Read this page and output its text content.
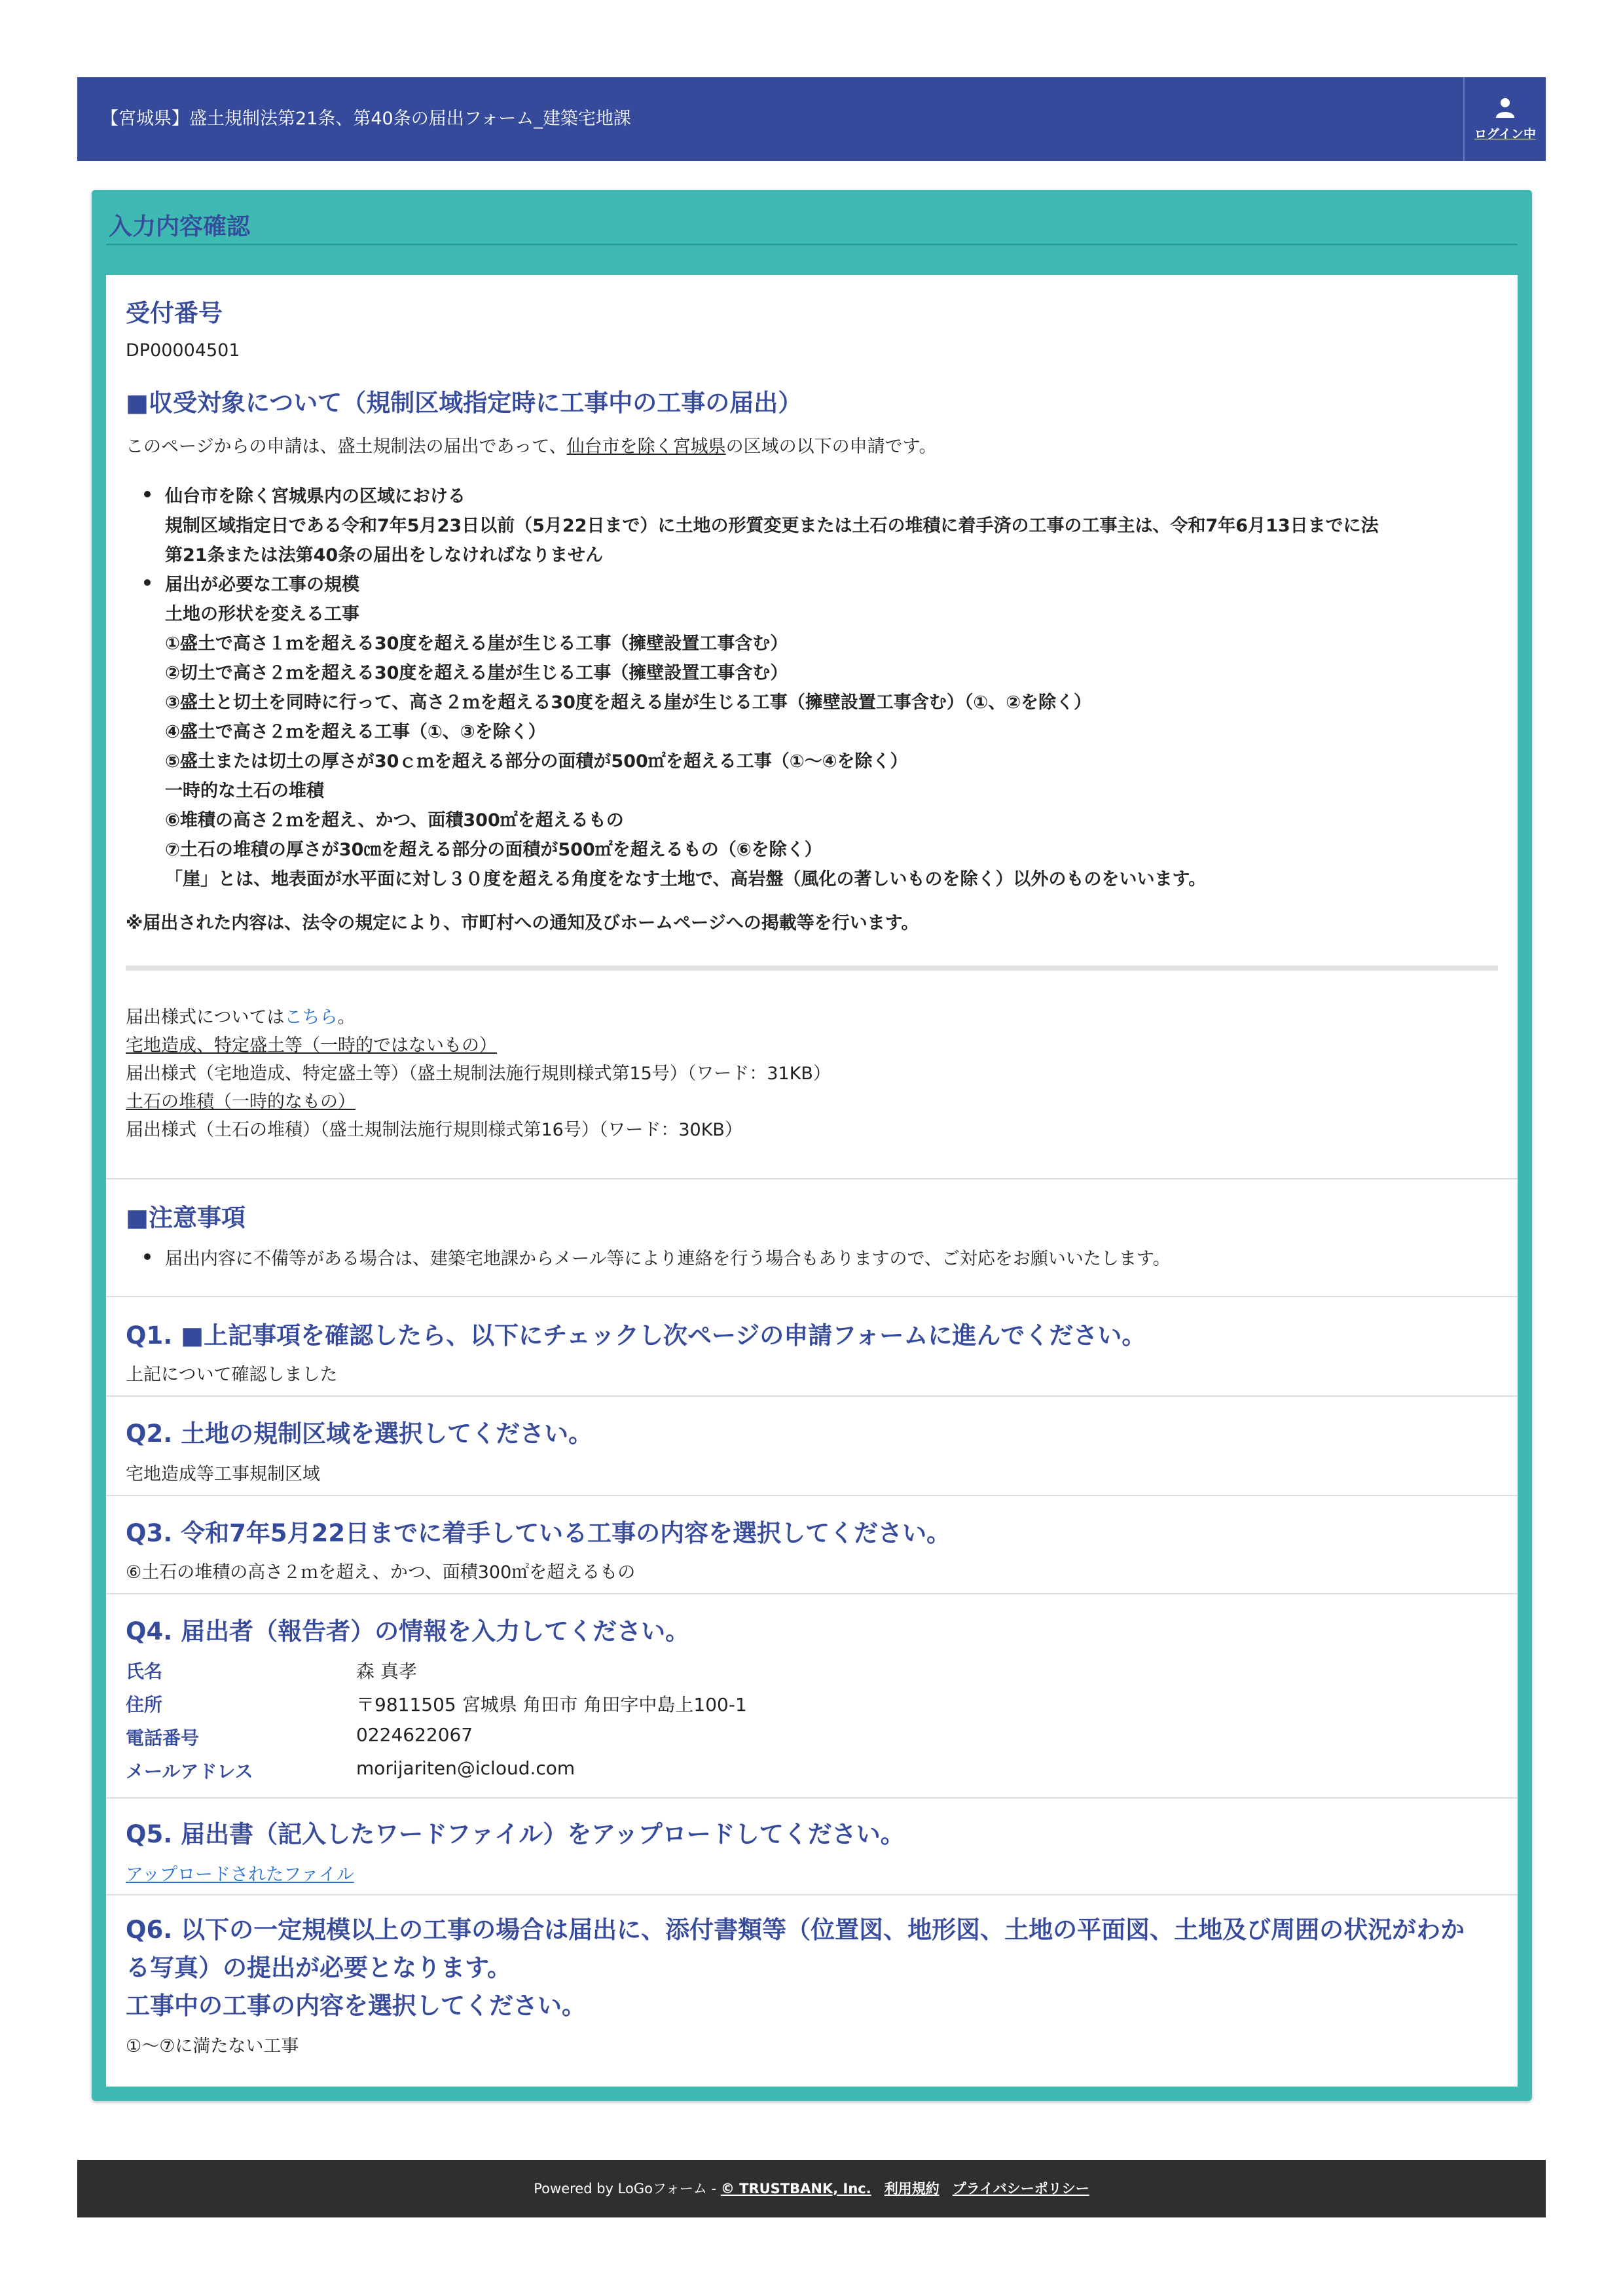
【宮城県】盛土規制法第21条、第40条の届出フォーム_建築宅地課
ログイン中
入力内容確認
受付番号
DP00004501
■収受対象について（規制区域指定時に工事中の工事の届出）
このページからの申請は、盛土規制法の届出であって、仙台市を除く宮城県の区域の以下の申請です。
仙台市を除く宮城県内の区域における
規制区域指定日である令和7年5月23日以前（5月22日まで）に土地の形質変更または土石の堆積に着手済の工事の工事主は、令和7年6月13日までに法
第21条または法第40条の届出をしなければなりません
届出が必要な工事の規模
土地の形状を変える工事
①盛土で高さ１ｍを超える30度を超える崖が生じる工事（擁壁設置工事含む）
②切土で高さ２ｍを超える30度を超える崖が生じる工事（擁壁設置工事含む）
③盛土と切土を同時に行って、高さ２ｍを超える30度を超える崖が生じる工事（擁壁設置工事含む）（①、②を除く）
④盛土で高さ２ｍを超える工事（①、③を除く）
⑤盛土または切土の厚さが30ｃｍを超える部分の面積が500㎡を超える工事（①〜④を除く）
一時的な土石の堆積
⑥堆積の高さ２ｍを超え、かつ、面積300㎡を超えるもの
⑦土石の堆積の厚さが30㎝を超える部分の面積が500㎡を超えるもの（⑥を除く）
「崖」とは、地表面が水平面に対し３０度を超える角度をなす土地で、高岩盤（風化の著しいものを除く）以外のものをいいます。
※届出された内容は、法令の規定により、市町村への通知及びホームページへの掲載等を行います。
届出様式についてはこちら。
宅地造成、特定盛土等（一時的ではないもの）
届出様式（宅地造成、特定盛土等）（盛土規制法施行規則様式第15号）（ワード：31KB）
土石の堆積（一時的なもの）
届出様式（土石の堆積）（盛土規制法施行規則様式第16号）（ワード：30KB）
■注意事項
届出内容に不備等がある場合は、建築宅地課からメール等により連絡を行う場合もありますので、ご対応をお願いいたします。
Q1. ■上記事項を確認したら、以下にチェックし次ページの申請フォームに進んでください。
上記について確認しました
Q2. 土地の規制区域を選択してください。
宅地造成等工事規制区域
Q3. 令和7年5月22日までに着手している工事の内容を選択してください。
⑥土石の堆積の高さ２ｍを超え、かつ、面積300㎡を超えるもの
Q4. 届出者（報告者）の情報を入力してください。
氏名	森 真孝
住所	〒9811505 宮城県 角田市 角田字中島上100-1
電話番号	0224622067
メールアドレス	morijariten@icloud.com
Q5. 届出書（記入したワードファイル）をアップロードしてください。
アップロードされたファイル
Q6. 以下の一定規模以上の工事の場合は届出に、添付書類等（位置図、地形図、土地の平面図、土地及び周囲の状況がわか
る写真）の提出が必要となります。
工事中の工事の内容を選択してください。
①〜⑦に満たない工事
Powered by LoGoフォーム - © TRUSTBANK, Inc. 利用規約 プライバシーポリシー
